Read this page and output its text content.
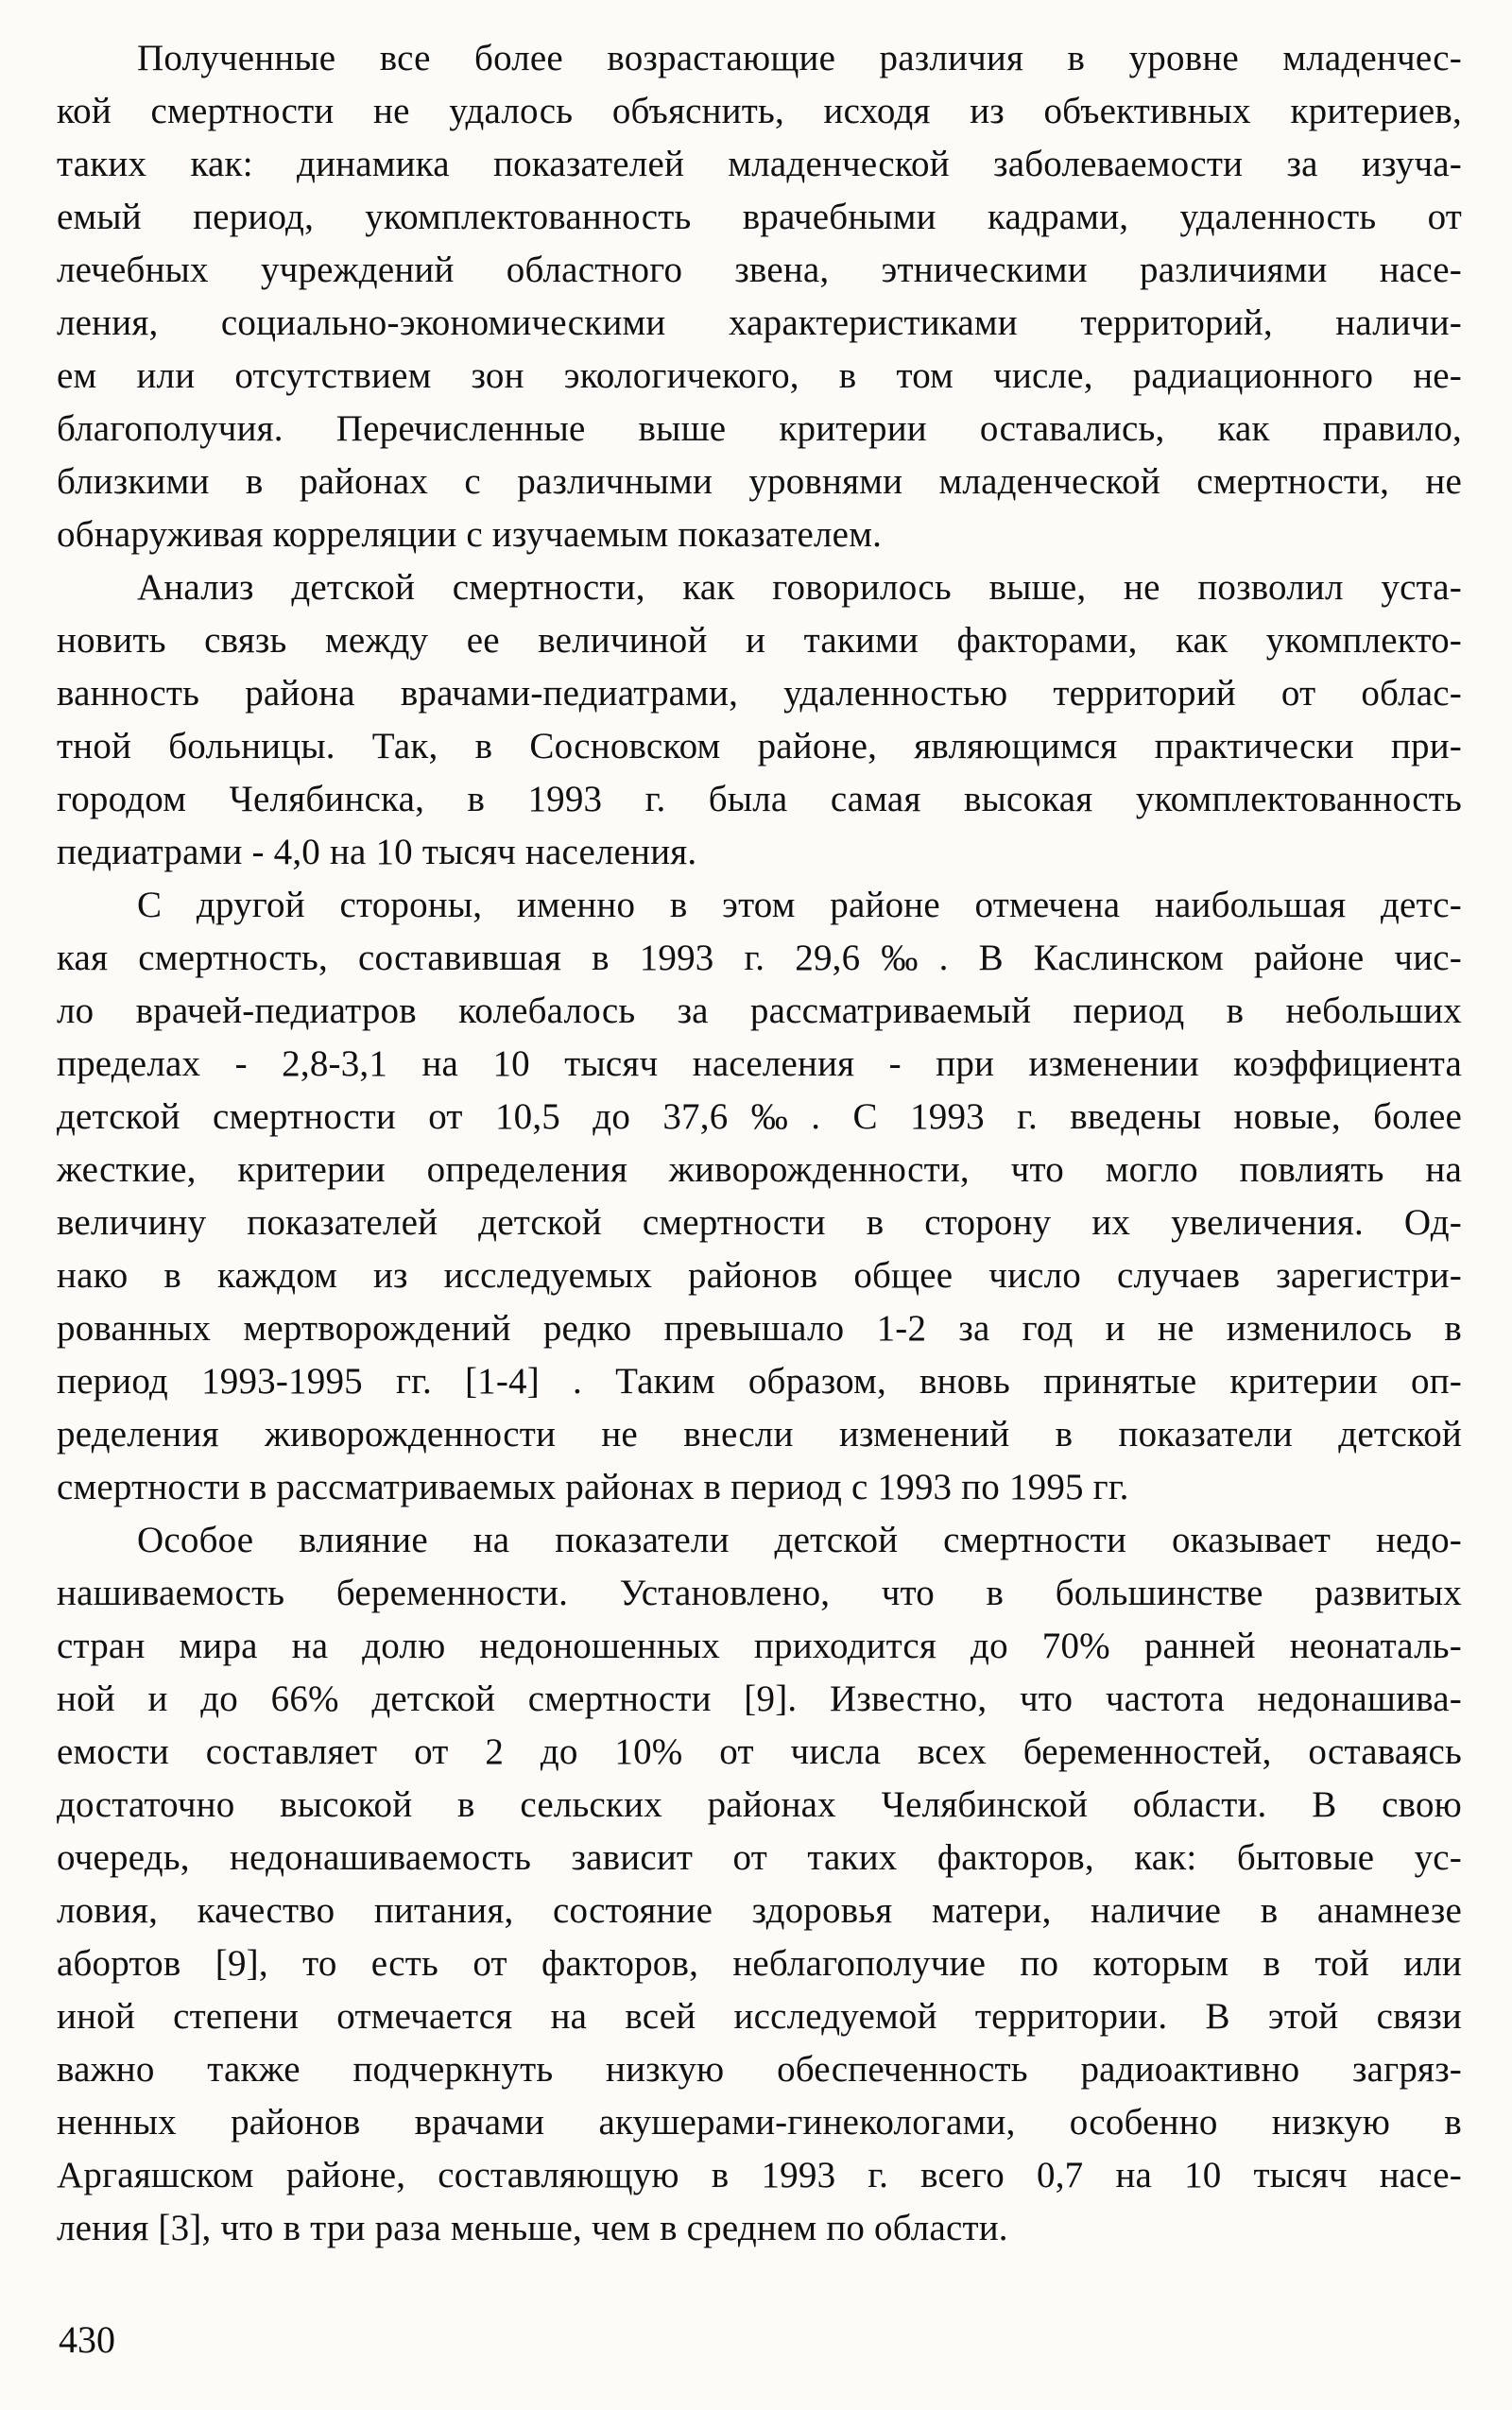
Полученные все более возрастающие различия в уровне младенчес-
кой смертности не удалось объяснить, исходя из объективных критериев,
таких как: динамика показателей младенческой заболеваемости за изуча-
емый период, укомплектованность врачебными кадрами, удаленность от
лечебных учреждений областного звена, этническими различиями насе-
ления, социально-экономическими характеристиками территорий, наличи-
ем или отсутствием зон экологичекого, в том числе, радиационного не-
благополучия. Перечисленные выше критерии оставались, как правило,
близкими в районах с различными уровнями младенческой смертности, не
обнаруживая корреляции с изучаемым показателем.
Анализ детской смертности, как говорилось выше, не позволил уста-
новить связь между ее величиной и такими факторами, как укомплекто-
ванность района врачами-педиатрами, удаленностью территорий от облас-
тной больницы. Так, в Сосновском районе, являющимся практически при-
городом Челябинска, в 1993 г. была самая высокая укомплектованность
педиатрами - 4,0 на 10 тысяч населения.
С другой стороны, именно в этом районе отмечена наибольшая детс-
кая смертность, составившая в 1993 г. 29,6‰. В Каслинском районе чис-
ло врачей-педиатров колебалось за рассматриваемый период в небольших
пределах - 2,8-3,1 на 10 тысяч населения - при изменении коэффициента
детской смертности от 10,5 до 37,6‰. С 1993 г. введены новые, более
жесткие, критерии определения живорожденности, что могло повлиять на
величину показателей детской смертности в сторону их увеличения. Од-
нако в каждом из исследуемых районов общее число случаев зарегистри-
рованных мертворождений редко превышало 1-2 за год и не изменилось в
период 1993-1995 гг. [1-4] . Таким образом, вновь принятые критерии оп-
ределения живорожденности не внесли изменений в показатели детской
смертности в рассматриваемых районах в период с 1993 по 1995 гг.
Особое влияние на показатели детской смертности оказывает недо-
нашиваемость беременности. Установлено, что в большинстве развитых
стран мира на долю недоношенных приходится до 70% ранней неонаталь-
ной и до 66% детской смертности [9]. Известно, что частота недонашива-
емости составляет от 2 до 10% от числа всех беременностей, оставаясь
достаточно высокой в сельских районах Челябинской области. В свою
очередь, недонашиваемость зависит от таких факторов, как: бытовые ус-
ловия, качество питания, состояние здоровья матери, наличие в анамнезе
абортов [9], то есть от факторов, неблагополучие по которым в той или
иной степени отмечается на всей исследуемой территории. В этой связи
важно также подчеркнуть низкую обеспеченность радиоактивно загряз-
ненных районов врачами акушерами-гинекологами, особенно низкую в
Аргаяшском районе, составляющую в 1993 г. всего 0,7 на 10 тысяч насе-
ления [3], что в три раза меньше, чем в среднем по области.
430
